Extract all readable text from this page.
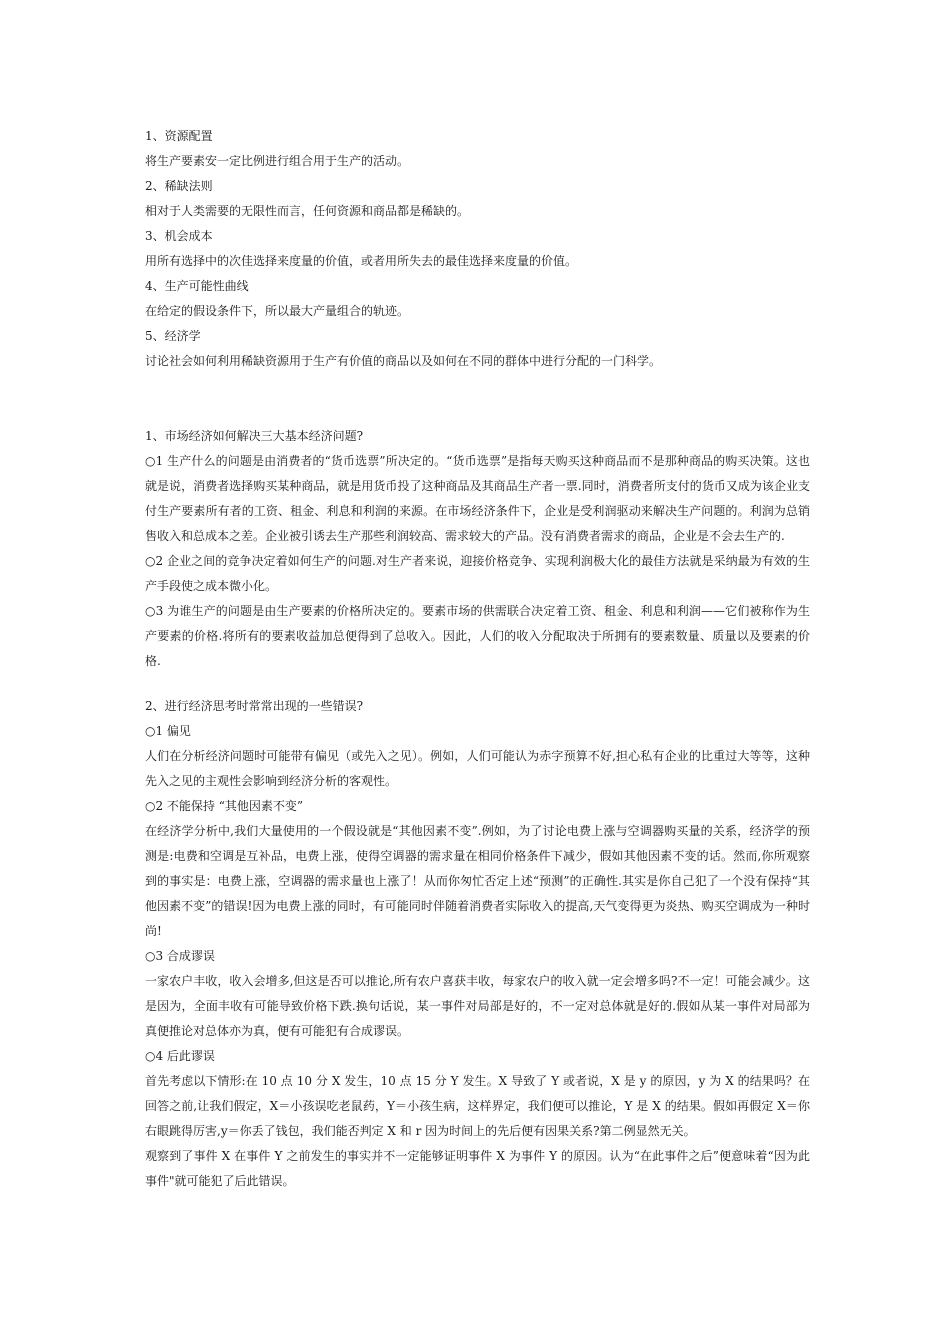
1、资源配置
将生产要素安一定比例进行组合用于生产的活动。
2、稀缺法则
相对于人类需要的无限性而言，任何资源和商品都是稀缺的。
3、机会成本
用所有选择中的次佳选择来度量的价值，或者用所失去的最佳选择来度量的价值。
4、生产可能性曲线
在给定的假设条件下，所以最大产量组合的轨迹。
5、经济学
讨论社会如何利用稀缺资源用于生产有价值的商品以及如何在不同的群体中进行分配的一门科学。
1、市场经济如何解决三大基本经济问题?

○1 生产什么的问题是由消费者的“货币选票”所决定的。“货币选票”是指每天购买这种商品而不是那种商品的购买决策。这也就是说，消费者选择购买某种商品，就是用货币投了这种商品及其商品生产者一票.同时，消费者所支付的货币又成为该企业支付生产要素所有者的工资、租金、利息和利润的来源。在市场经济条件下，企业是受利润驱动来解决生产问题的。利润为总销售收入和总成本之差。企业被引诱去生产那些利润较高、需求较大的产品。没有消费者需求的商品，企业是不会去生产的.

○2 企业之间的竞争决定着如何生产的问题.对生产者来说，迎接价格竞争、实现利润极大化的最佳方法就是采纳最为有效的生产手段使之成本微小化。

○3 为谁生产的问题是由生产要素的价格所决定的。要素市场的供需联合决定着工资、租金、利息和利润——它们被称作为生产要素的价格.将所有的要素收益加总便得到了总收入。因此，人们的收入分配取决于所拥有的要素数量、质量以及要素的价格.

2、进行经济思考时常常出现的一些错误?
○1 偏见

人们在分析经济问题时可能带有偏见（或先入之见）。例如，人们可能认为赤字预算不好,担心私有企业的比重过大等等，这种先入之见的主观性会影响到经济分析的客观性。

○2 不能保持 “其他因素不变”

在经济学分析中,我们大量使用的一个假设就是“其他因素不变”.例如，为了讨论电费上涨与空调器购买量的关系，经济学的预测是:电费和空调是互补品，电费上涨，使得空调器的需求量在相同价格条件下减少，假如其他因素不变的话。然而,你所观察到的事实是：电费上涨，空调器的需求量也上涨了！从而你匆忙否定上述“预测”的正确性.其实是你自己犯了一个没有保持“其他因素不变”的错误!因为电费上涨的同时，有可能同时伴随着消费者实际收入的提高,天气变得更为炎热、购买空调成为一种时尚!

○3 合成谬误

一家农户丰收，收入会增多,但这是否可以推论,所有农户喜获丰收，每家农户的收入就一定会增多吗?不一定！可能会减少。这是因为，全面丰收有可能导致价格下跌.换句话说，某一事件对局部是好的，不一定对总体就是好的.假如从某一事件对局部为真便推论对总体亦为真，便有可能犯有合成谬误。

○4 后此谬误

首先考虑以下情形:在 10 点 10 分 X 发生，10 点 15 分 Y 发生。X 导致了 Y 或者说，X 是 y 的原因，y 为 X 的结果吗？在回答之前,让我们假定，X＝小孩误吃老鼠药，Y＝小孩生病，这样界定，我们便可以推论，Y 是 X 的结果。假如再假定 X＝你右眼跳得厉害,y＝你丢了钱包，我们能否判定 X 和 r 因为时间上的先后便有因果关系?第二例显然无关。

观察到了事件 X 在事件 Y 之前发生的事实并不一定能够证明事件 X 为事件 Y 的原因。认为“在此事件之后”便意味着“因为此事件"就可能犯了后此错误。
